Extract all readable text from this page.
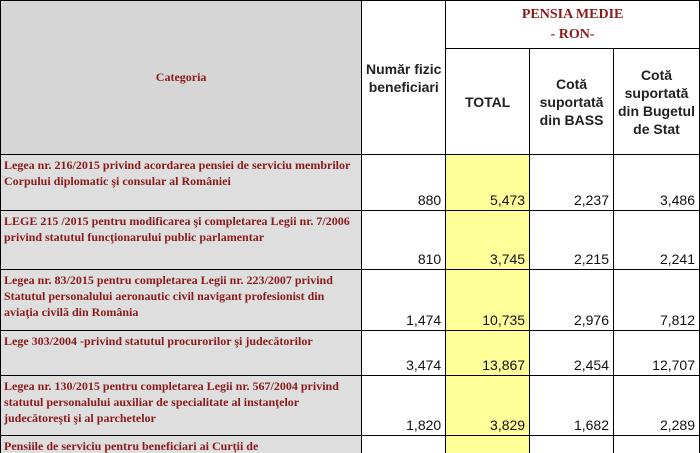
Categoria	Număr fizic beneficiari	PENSIA MEDIE
- RON-		

		TOTAL	Cotă suportată din BASS	Cotă suportată din Bugetul de Stat
Legea nr. 216/2015 privind acordarea pensiei de serviciu membrilor Corpului diplomatic şi consular al României	880	5,473	2,237	3,486
LEGE 215 /2015 pentru modificarea şi completarea Legii nr. 7/2006 privind statutul funcţionarului public parlamentar	810	3,745	2,215	2,241
Legea nr. 83/2015 pentru completarea Legii nr. 223/2007 privind Statutul personalului aeronautic civil navigant profesionist din aviaţia civilă din România	1,474	10,735	2,976	7,812
Lege 303/2004 -privind statutul procurorilor şi judecătorilor	3,474	13,867	2,454	12,707
Legea nr. 130/2015 pentru completarea Legii nr. 567/2004 privind statutul personalului auxiliar de specialitate al instanţelor judecătoreşti şi al parchetelor	1,820	3,829	1,682	2,289
Pensiile de serviciu pentru beneficiari ai Curţii de				
